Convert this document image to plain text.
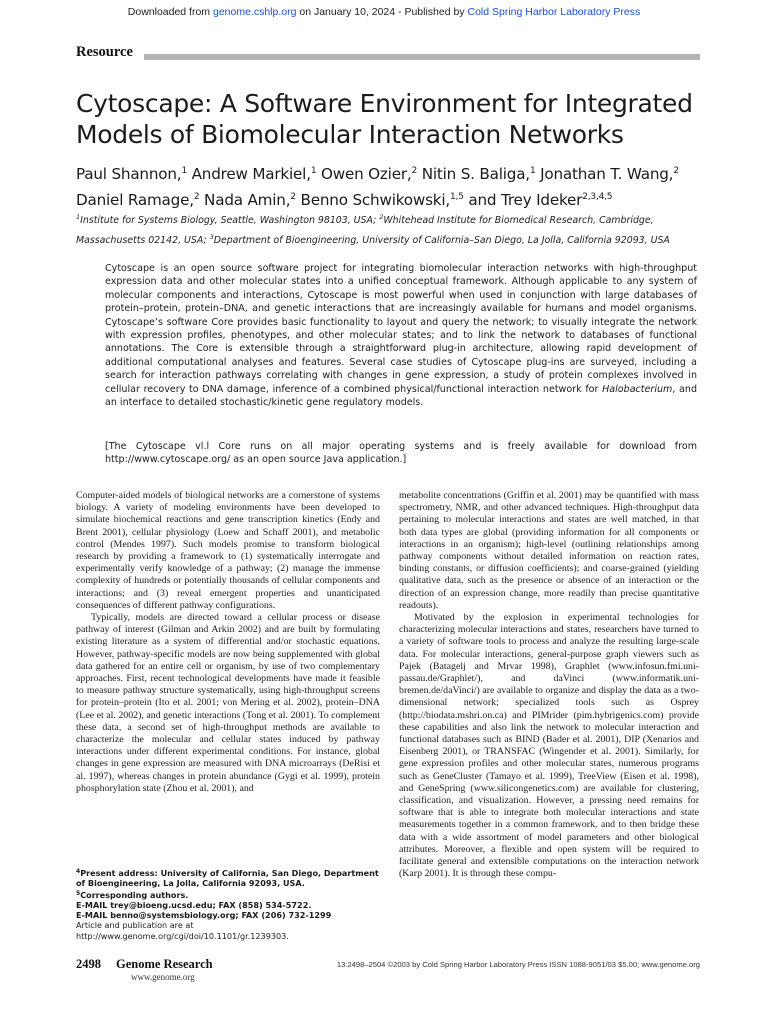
Downloaded from genome.cshlp.org on January 10, 2024 - Published by Cold Spring Harbor Laboratory Press
Resource
Cytoscape: A Software Environment for Integrated
Models of Biomolecular Interaction Networks
Paul Shannon,$^1$ Andrew Markiel,$^1$ Owen Ozier,$^2$ Nitin S. Baliga,$^1$ Jonathan T. Wang,$^2$
Daniel Ramage,$^2$ Nada Amin,$^2$ Benno Schwikowski,$^{1,5}$ and Trey Ideker$^{2,3,4,5}$
$^1$Institute for Systems Biology, Seattle, Washington 98103, USA; $^2$Whitehead Institute for Biomedical Research, Cambridge,
Massachusetts 02142, USA; $^3$Department of Bioengineering, University of California–San Diego, La Jolla, California 92093, USA

Cytoscape is an open source software project for integrating biomolecular interaction networks with high-throughput expression data and other molecular states into a unified conceptual framework. Although applicable to any system of molecular components and interactions, Cytoscape is most powerful when used in conjunction with large databases of protein–protein, protein–DNA, and genetic interactions that are increasingly available for humans and model organisms. Cytoscape’s software Core provides basic functionality to layout and query the network; to visually integrate the network with expression profiles, phenotypes, and other molecular states; and to link the network to databases of functional annotations. The Core is extensible through a straightforward plug-in architecture, allowing rapid development of additional computational analyses and features. Several case studies of Cytoscape plug-ins are surveyed, including a search for interaction pathways correlating with changes in gene expression, a study of protein complexes involved in cellular recovery to DNA damage, inference of a combined physical/functional interaction network for Halobacterium, and an interface to detailed stochastic/kinetic gene regulatory models.

[The Cytoscape vl.l Core runs on all major operating systems and is freely available for download from http://www.cytoscape.org/ as an open source Java application.]

Computer-aided models of biological networks are a cornerstone of systems biology. A variety of modeling environments have been developed to simulate biochemical reactions and gene transcription kinetics (Endy and Brent 2001), cellular physiology (Loew and Schaff 2001), and metabolic control (Mendes 1997). Such models promise to transform biological research by providing a framework to (1) systematically interrogate and experimentally verify knowledge of a pathway; (2) manage the immense complexity of hundreds or potentially thousands of cellular components and interactions; and (3) reveal emergent properties and unanticipated consequences of different pathway configurations.

Typically, models are directed toward a cellular process or disease pathway of interest (Gilman and Arkin 2002) and are built by formulating existing literature as a system of differential and/or stochastic equations. However, pathway-specific models are now being supplemented with global data gathered for an entire cell or organism, by use of two complementary approaches. First, recent technological developments have made it feasible to measure pathway structure systematically, using high-throughput screens for protein–protein (Ito et al. 2001; von Mering et al. 2002), protein–DNA (Lee et al. 2002), and genetic interactions (Tong et al. 2001). To complement these data, a second set of high-throughput methods are available to characterize the molecular and cellular states induced by pathway interactions under different experimental conditions. For instance, global changes in gene expression are measured with DNA microarrays (DeRisi et al. 1997), whereas changes in protein abundance (Gygi et al. 1999), protein phosphorylation state (Zhou et al. 2001), and

metabolite concentrations (Griffin et al. 2001) may be quantified with mass spectrometry, NMR, and other advanced techniques. High-throughput data pertaining to molecular interactions and states are well matched, in that both data types are global (providing information for all components or interactions in an organism); high-level (outlining relationships among pathway components without detailed information on reaction rates, binding constants, or diffusion coefficients); and coarse-grained (yielding qualitative data, such as the presence or absence of an interaction or the direction of an expression change, more readily than precise quantitative readouts).

Motivated by the explosion in experimental technologies for characterizing molecular interactions and states, researchers have turned to a variety of software tools to process and analyze the resulting large-scale data. For molecular interactions, general-purpose graph viewers such as Pajek (Batagelj and Mrvar 1998), Graphlet (www.infosun.fmi.uni-passau.de/Graphlet/), and daVinci (www.informatik.uni-bremen.de/daVinci/) are available to organize and display the data as a two-dimensional network; specialized tools such as Osprey (http://biodata.mshri.on.ca) and PIMrider (pim.hybrigenics.com) provide these capabilities and also link the network to molecular interaction and functional databases such as BIND (Bader et al. 2001), DIP (Xenarios and Eisenberg 2001), or TRANSFAC (Wingender et al. 2001). Similarly, for gene expression profiles and other molecular states, numerous programs such as GeneCluster (Tamayo et al. 1999), TreeView (Eisen et al. 1998), and GeneSpring (www.silicongenetics.com) are available for clustering, classification, and visualization. However, a pressing need remains for software that is able to integrate both molecular interactions and state measurements together in a common framework, and to then bridge these data with a wide assortment of model parameters and other biological attributes. Moreover, a flexible and open system will be required to facilitate general and extensible computations on the interaction network (Karp 2001). It is through these compu-

$^4$Present address: University of California, San Diego, Department of Bioengineering, La Jolla, California 92093, USA.
$^5$Corresponding authors.
E-MAIL trey@bioeng.ucsd.edu; FAX (858) 534-5722.
E-MAIL benno@systemsbiology.org; FAX (206) 732-1299
Article and publication are at http://www.genome.org/cgi/doi/10.1101/gr.1239303.
2498 Genome Research
www.genome.org
13:2498–2504 ©2003 by Cold Spring Harbor Laboratory Press ISSN 1088-9051/03 $5.00; www.genome.org
